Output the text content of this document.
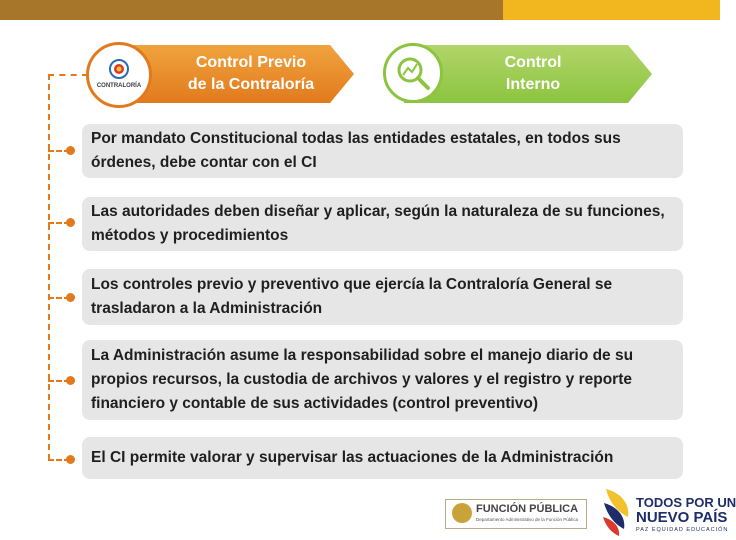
Control Previo
de la Contraloría
CONTRALORÍA
Control
Interno
Por mandato Constitucional todas las entidades estatales, en todos sus órdenes, debe contar con el CI
Las autoridades deben diseñar y aplicar, según la naturaleza de su funciones, métodos y procedimientos
Los controles previo y preventivo que ejercía la Contraloría General se trasladaron a la Administración
La Administración asume la responsabilidad sobre el manejo diario de su propios recursos, la custodia de archivos y valores y el registro y reporte financiero y contable de sus actividades (control preventivo)
El CI permite valorar y supervisar las actuaciones de la Administración
FUNCIÓN PÚBLICA
Departamento Administrativo de la Función Pública
TODOS POR UN
NUEVO PAÍS
PAZ EQUIDAD EDUCACIÓN
